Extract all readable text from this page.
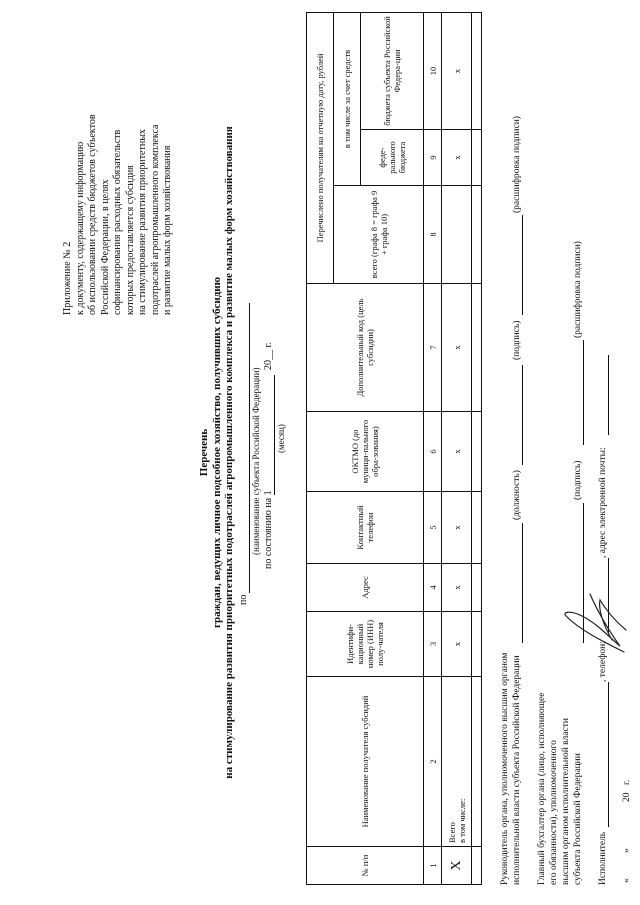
Приложение № 2 к документу, содержащему информацию об использовании средств бюджетов субъектов Российской Федерации, в целях софинансирования расходных обязательств которых предоставляется субсидия на стимулирование развития приоритетных подотраслей агропромышленного комплекса и развитие малых форм хозяйствования
Перечень граждан, ведущих личное подсобное хозяйство, получивших субсидию на стимулирование развития приоритетных подотраслей агропромышленного комплекса и развитие малых форм хозяйствования по
(наименование субъекта Российской Федерации) по состоянию на 1
20__ г.
(месяц)
№ п/п	Наименование получателя субсидий	Идентифи-кационный номер (ИНН) полу-чателя	Адрес	Контактный телефон	ОКТМО (до муници-пального обра-зования)	Дополнительный код (цель субсидии)	Перечислено получателям на отчетную дату, рублей		
							всего (графа 8 = графа 9 + графа 10)	в том числе за счет средств	
								феде-рального бюджета	бюджета субъекта Российской Федера-ции
1	2	3	4	5	6	7	8	9	10
X	Всего в том числе:	x	x	x	x	x		x	x

Руководитель органа, уполномоченного высшим органом исполнительной власти субъекта Российской Федерации
(должность)
(подпись)
(расшифровка подписи)
Главный бухгалтер органа (лицо, исполняющее его обязанности), уполномоченного высшим органом исполнительной власти субъекта Российской Федерации
(подпись)
(расшифровка подписи)
Исполнитель
, телефон:
, адрес электронной почты:
«
»
20
г.
